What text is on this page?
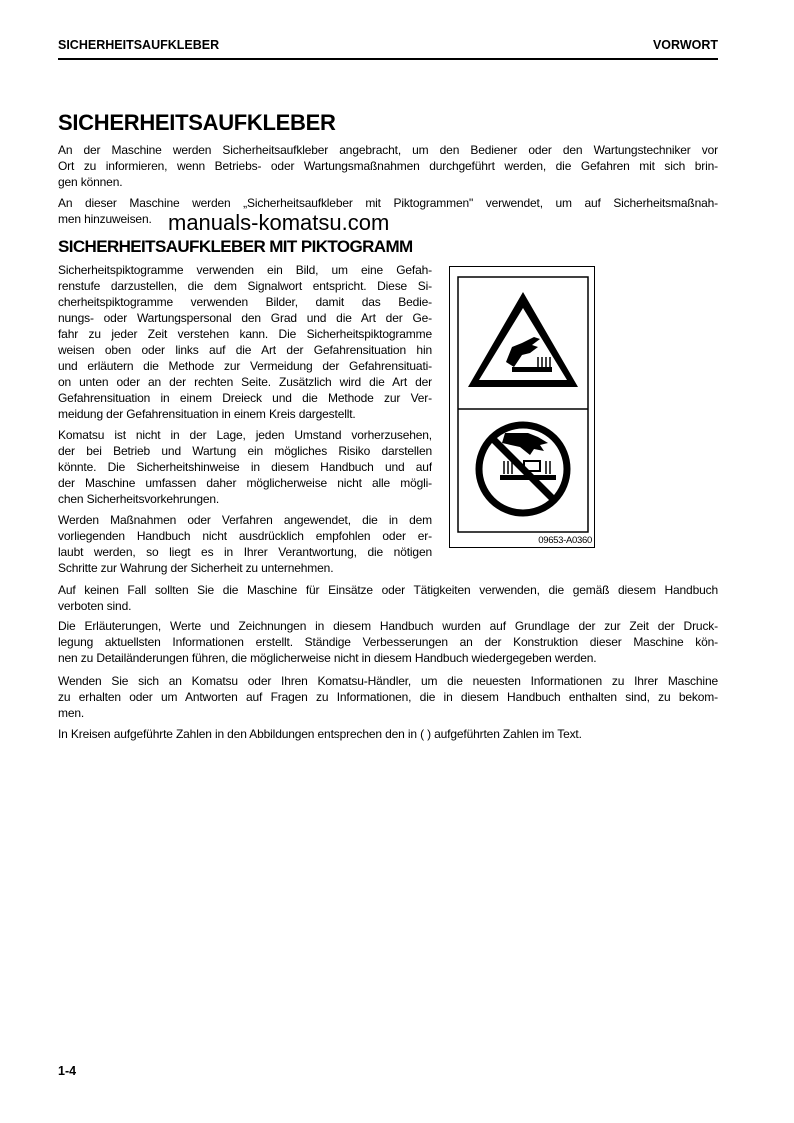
SICHERHEITSAUFKLEBER	VORWORT
SICHERHEITSAUFKLEBER
An der Maschine werden Sicherheitsaufkleber angebracht, um den Bediener oder den Wartungstechniker vor
Ort zu informieren, wenn Betriebs- oder Wartungsmaßnahmen durchgeführt werden, die Gefahren mit sich brin-
gen können.
An dieser Maschine werden „Sicherheitsaufkleber mit Piktogrammen" verwendet, um auf Sicherheitsmaßnah-
men hinzuweisen. manuals-komatsu.com
SICHERHEITSAUFKLEBER MIT PIKTOGRAMM
Sicherheitspiktogramme verwenden ein Bild, um eine Gefah-
renstufe darzustellen, die dem Signalwort entspricht. Diese Si-
cherheitspiktogramme verwenden Bilder, damit das Bedie-
nungs- oder Wartungspersonal den Grad und die Art der Ge-
fahr zu jeder Zeit verstehen kann. Die Sicherheitspiktogramme
weisen oben oder links auf die Art der Gefahrensituation hin
und erläutern die Methode zur Vermeidung der Gefahrensituati-
on unten oder an der rechten Seite. Zusätzlich wird die Art der
Gefahrensituation in einem Dreieck und die Methode zur Ver-
meidung der Gefahrensituation in einem Kreis dargestellt.
Komatsu ist nicht in der Lage, jeden Umstand vorherzusehen,
der bei Betrieb und Wartung ein mögliches Risiko darstellen
könnte. Die Sicherheitshinweise in diesem Handbuch und auf
der Maschine umfassen daher möglicherweise nicht alle mögli-
chen Sicherheitsvorkehrungen.
Werden Maßnahmen oder Verfahren angewendet, die in dem
vorliegenden Handbuch nicht ausdrücklich empfohlen oder er-
laubt werden, so liegt es in Ihrer Verantwortung, die nötigen
Schritte zur Wahrung der Sicherheit zu unternehmen.
09653-A0360
Auf keinen Fall sollten Sie die Maschine für Einsätze oder Tätigkeiten verwenden, die gemäß diesem Handbuch
verboten sind.
Die Erläuterungen, Werte und Zeichnungen in diesem Handbuch wurden auf Grundlage der zur Zeit der Druck-
legung aktuellsten Informationen erstellt. Ständige Verbesserungen an der Konstruktion dieser Maschine kön-
nen zu Detailänderungen führen, die möglicherweise nicht in diesem Handbuch wiedergegeben werden.
Wenden Sie sich an Komatsu oder Ihren Komatsu-Händler, um die neuesten Informationen zu Ihrer Maschine
zu erhalten oder um Antworten auf Fragen zu Informationen, die in diesem Handbuch enthalten sind, zu bekom-
men.
In Kreisen aufgeführte Zahlen in den Abbildungen entsprechen den in ( ) aufgeführten Zahlen im Text.
1-4
